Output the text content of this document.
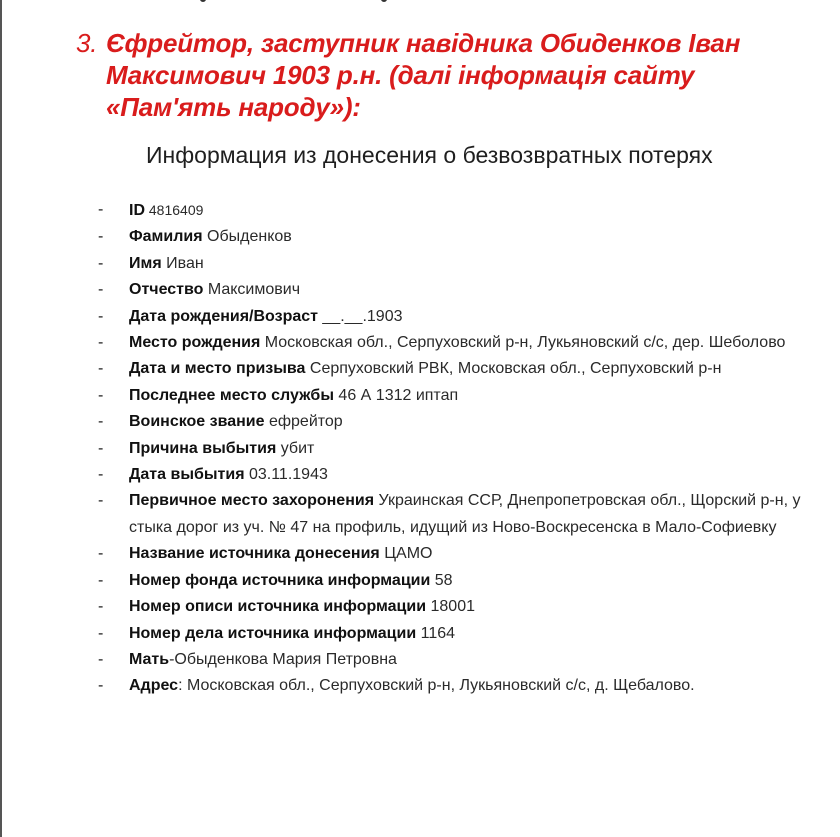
3. Єфрейтор, заступник навідника Обиденков Іван Максимович 1903 р.н. (далі інформація сайту «Пам'ять народу»):
Информация из донесения о безвозвратных потерях
-	ID 4816409
-	Фамилия Обыденков
-	Имя Иван
-	Отчество Максимович
-	Дата рождения/Возраст __.__.1903
-	Место рождения Московская обл., Серпуховский р-н, Лукьяновский с/с, дер. Шеболово
-	Дата и место призыва Серпуховский РВК, Московская обл., Серпуховский р-н
-	Последнее место службы 46 А 1312 иптап
-	Воинское звание ефрейтор
-	Причина выбытия убит
-	Дата выбытия 03.11.1943
-	Первичное место захоронения Украинская ССР, Днепропетровская обл., Щорский р-н, у стыка дорог из уч. № 47 на профиль, идущий из Ново-Воскресенска в Мало-Софиевку
-	Название источника донесения ЦАМО
-	Номер фонда источника информации 58
-	Номер описи источника информации 18001
-	Номер дела источника информации 1164
-	Мать-Обыденкова Мария Петровна
-	Адрес: Московская обл., Серпуховский р-н, Лукьяновский с/с, д. Щебалово.
